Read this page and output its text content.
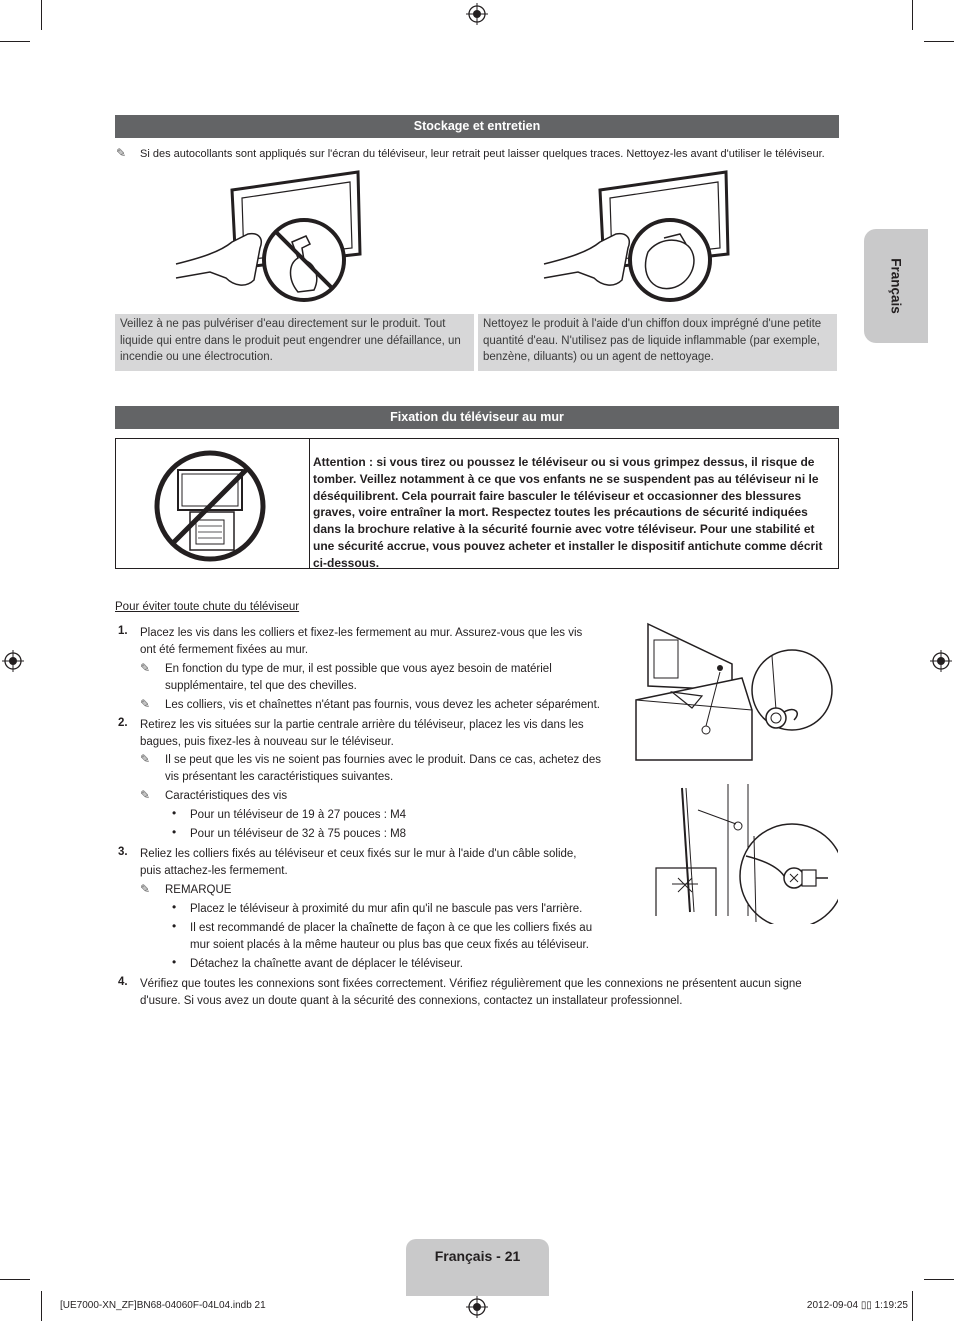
Français
Stockage et entretien
✎ Si des autocollants sont appliqués sur l'écran du téléviseur, leur retrait peut laisser quelques traces. Nettoyez-les avant d'utiliser le téléviseur.
Veillez à ne pas pulvériser d'eau directement sur le produit. Tout liquide qui entre dans le produit peut engendrer une défaillance, un incendie ou une électrocution.
Nettoyez le produit à l'aide d'un chiffon doux imprégné d'une petite quantité d'eau. N'utilisez pas de liquide inflammable (par exemple, benzène, diluants) ou un agent de nettoyage.
Fixation du téléviseur au mur
Attention : si vous tirez ou poussez le téléviseur ou si vous grimpez dessus, il risque de tomber. Veillez notamment à ce que vos enfants ne se suspendent pas au téléviseur ni le déséquilibrent. Cela pourrait faire basculer le téléviseur et occasionner des blessures graves, voire entraîner la mort. Respectez toutes les précautions de sécurité indiquées dans la brochure relative à la sécurité fournie avec votre téléviseur. Pour une stabilité et une sécurité accrue, vous pouvez acheter et installer le dispositif antichute comme décrit ci-dessous.
Pour éviter toute chute du téléviseur
1. Placez les vis dans les colliers et fixez-les fermement au mur. Assurez-vous que les vis ont été fermement fixées au mur.
✎ En fonction du type de mur, il est possible que vous ayez besoin de matériel supplémentaire, tel que des chevilles.
✎ Les colliers, vis et chaînettes n'étant pas fournis, vous devez les acheter séparément.
2. Retirez les vis situées sur la partie centrale arrière du téléviseur, placez les vis dans les bagues, puis fixez-les à nouveau sur le téléviseur.
✎ Il se peut que les vis ne soient pas fournies avec le produit. Dans ce cas, achetez des vis présentant les caractéristiques suivantes.
✎ Caractéristiques des vis
• Pour un téléviseur de 19 à 27 pouces : M4
• Pour un téléviseur de 32 à 75 pouces : M8
3. Reliez les colliers fixés au téléviseur et ceux fixés sur le mur à l'aide d'un câble solide, puis attachez-les fermement.
✎ REMARQUE
• Placez le téléviseur à proximité du mur afin qu'il ne bascule pas vers l'arrière.
• Il est recommandé de placer la chaînette de façon à ce que les colliers fixés au mur soient placés à la même hauteur ou plus bas que ceux fixés au téléviseur.
• Détachez la chaînette avant de déplacer le téléviseur.
4. Vérifiez que toutes les connexions sont fixées correctement. Vérifiez régulièrement que les connexions ne présentent aucun signe d'usure. Si vous avez un doute quant à la sécurité des connexions, contactez un installateur professionnel.
Français - 21
[UE7000-XN_ZF]BN68-04060F-04L04.indb 21	2012-09-04 ▯▯ 1:19:25
